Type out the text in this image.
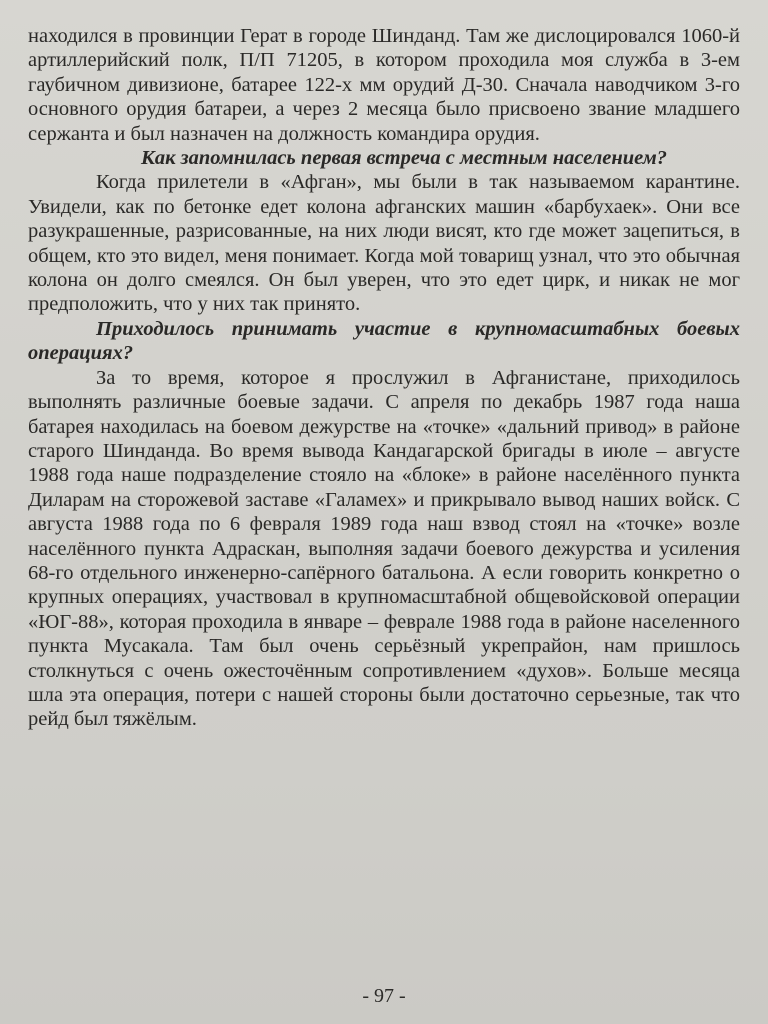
находился в провинции Герат в городе Шинданд. Там же дислоцировался 1060-й артиллерийский полк, П/П 71205, в котором проходила моя служба в 3-ем гаубичном дивизионе, батарее 122-х мм орудий Д-30. Сначала наводчиком 3-го основного орудия батареи, а через 2 месяца было присвоено звание младшего сержанта и был назначен на должность командира орудия.

Как запомнилась первая встреча с местным населением?

Когда прилетели в «Афган», мы были в так называемом карантине. Увидели, как по бетонке едет колона афганских машин «барбухаек». Они все разукрашенные, разрисованные, на них люди висят, кто где может зацепиться, в общем, кто это видел, меня понимает. Когда мой товарищ узнал, что это обычная колона он долго смеялся. Он был уверен, что это едет цирк, и никак не мог предположить, что у них так принято.

Приходилось принимать участие в крупномасштабных боевых операциях?

За то время, которое я прослужил в Афганистане, приходилось выполнять различные боевые задачи. С апреля по декабрь 1987 года наша батарея находилась на боевом дежурстве на «точке» «дальний привод» в районе старого Шинданда. Во время вывода Кандагарской бригады в июле – августе 1988 года наше подразделение стояло на «блоке» в районе населённого пункта Диларам на сторожевой заставе «Галамех» и прикрывало вывод наших войск. С августа 1988 года по 6 февраля 1989 года наш взвод стоял на «точке» возле населённого пункта Адраскан, выполняя задачи боевого дежурства и усиления 68-го отдельного инженерно-сапёрного батальона. А если говорить конкретно о крупных операциях, участвовал в крупномасштабной общевойсковой операции «ЮГ-88», которая проходила в январе – феврале 1988 года в районе населенного пункта Мусакала. Там был очень серьёзный укрепрайон, нам пришлось столкнуться с очень ожесточённым сопротивлением «духов». Больше месяца шла эта операция, потери с нашей стороны были достаточно серьезные, так что рейд был тяжёлым.

- 97 -
